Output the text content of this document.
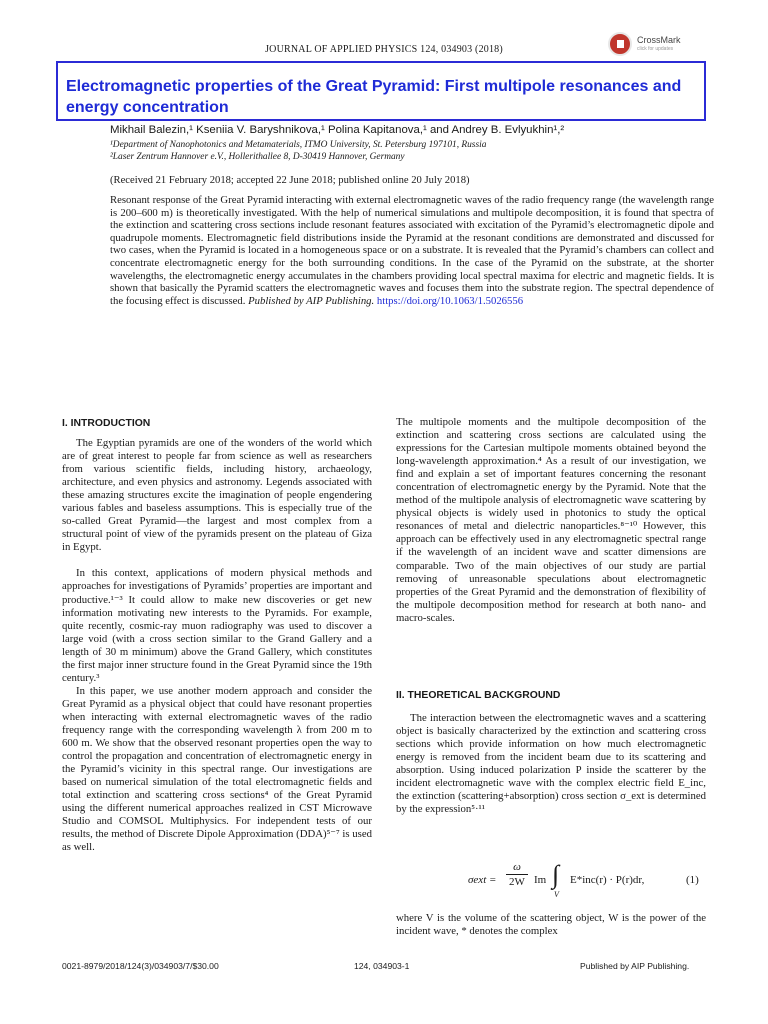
JOURNAL OF APPLIED PHYSICS 124, 034903 (2018)
CrossMark
click for updates
Electromagnetic properties of the Great Pyramid: First multipole resonances and energy concentration
Mikhail Balezin,¹ Kseniia V. Baryshnikova,¹ Polina Kapitanova,¹ and Andrey B. Evlyukhin¹,²
¹Department of Nanophotonics and Metamaterials, ITMO University, St. Petersburg 197101, Russia
²Laser Zentrum Hannover e.V., Hollerithallee 8, D-30419 Hannover, Germany
(Received 21 February 2018; accepted 22 June 2018; published online 20 July 2018)
Resonant response of the Great Pyramid interacting with external electromagnetic waves of the radio frequency range (the wavelength range is 200–600 m) is theoretically investigated. With the help of numerical simulations and multipole decomposition, it is found that spectra of the extinction and scattering cross sections include resonant features associated with excitation of the Pyramid’s electromagnetic dipole and quadrupole moments. Electromagnetic field distributions inside the Pyramid at the resonant conditions are demonstrated and discussed for two cases, when the Pyramid is located in a homogeneous space or on a substrate. It is revealed that the Pyramid’s chambers can collect and concentrate electromagnetic energy for the both surrounding conditions. In the case of the Pyramid on the substrate, at the shorter wavelengths, the electromagnetic energy accumulates in the chambers providing local spectral maxima for electric and magnetic fields. It is shown that basically the Pyramid scatters the electromagnetic waves and focuses them into the substrate region. The spectral dependence of the focusing effect is discussed. Published by AIP Publishing. https://doi.org/10.1063/1.5026556
I. INTRODUCTION

The Egyptian pyramids are one of the wonders of the world which are of great interest to people far from science as well as researchers from various scientific fields, including history, archaeology, architecture, and even physics and astronomy. Legends associated with these amazing structures excite the imagination of people engendering various fables and baseless assumptions. This is especially true of the so-called Great Pyramid—the largest and most complex from a structural point of view of the pyramids present on the plateau of Giza in Egypt.

In this context, applications of modern physical methods and approaches for investigations of Pyramids’ properties are important and productive.¹⁻³ It could allow to make new discoveries or get new information motivating new interests to the Pyramids. For example, quite recently, cosmic-ray muon radiography was used to discover a large void (with a cross section similar to the Grand Gallery and a length of 30 m minimum) above the Grand Gallery, which constitutes the first major inner structure found in the Great Pyramid since the 19th century.³

In this paper, we use another modern approach and consider the Great Pyramid as a physical object that could have resonant properties when interacting with external electromagnetic waves of the radio frequency range with the corresponding wavelength λ from 200 m to 600 m. We show that the observed resonant properties open the way to control the propagation and concentration of electromagnetic energy in the Pyramid’s vicinity in this spectral range. Our investigations are based on numerical simulation of the total electromagnetic fields and total extinction and scattering cross sections⁴ of the Great Pyramid using the different numerical approaches realized in CST Microwave Studio and COMSOL Multiphysics. For independent tests of our results, the method of Discrete Dipole Approximation (DDA)⁵⁻⁷ is used as well.

The multipole moments and the multipole decomposition of the extinction and scattering cross sections are calculated using the expressions for the Cartesian multipole moments obtained beyond the long-wavelength approximation.⁴ As a result of our investigation, we find and explain a set of important features concerning the resonant concentration of electromagnetic energy by the Pyramid. Note that the method of the multipole analysis of electromagnetic wave scattering by physical objects is widely used in photonics to study the optical resonances of metal and dielectric nanoparticles.⁸⁻¹⁰ However, this approach can be effectively used in any electromagnetic spectral range if the wavelength of an incident wave and scatter dimensions are comparable. Two of the main objectives of our study are partial removing of unreasonable speculations about electromagnetic properties of the Great Pyramid and the demonstration of flexibility of the multipole decomposition method for research at both nano- and macro-scales.

II. THEORETICAL BACKGROUND

The interaction between the electromagnetic waves and a scattering object is basically characterized by the extinction and scattering cross sections which provide information on how much electromagnetic energy is removed from the incident beam due to its scattering and absorption. Using induced polarization P inside the scatterer by the incident electromagnetic wave with the complex electric field E_inc, the extinction (scattering+absorption) cross section σ_ext is determined by the expression⁵·¹¹

σext =
ω
2W Im ∫ E*inc(r) · P(r)dr,
V
(1)

where V is the volume of the scattering object, W is the power of the incident wave, * denotes the complex

0021-8979/2018/124(3)/034903/7/$30.00	124, 034903-1	Published by AIP Publishing.
